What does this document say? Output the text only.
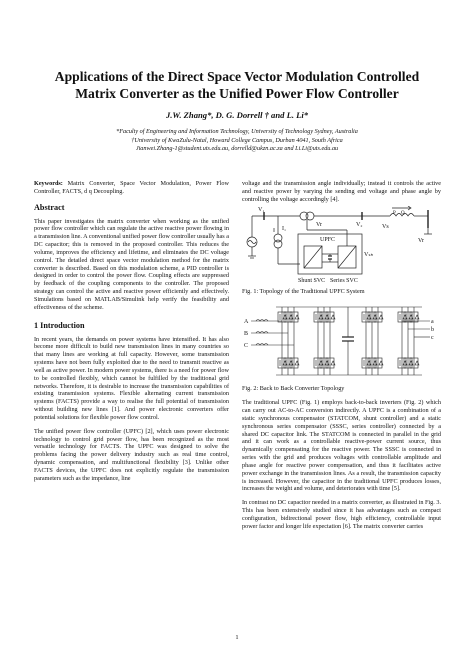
Applications of the Direct Space Vector Modulation Controlled
Matrix Converter as the Unified Power Flow Controller
J.W. Zhang*, D. G. Dorrell † and L. Li*
*Faculty of Engineering and Information Technology, University of Technology Sydney, Australia
†University of KwaZulu-Natal, Howard College Campus, Durban 4041, South Africa
Jianwei.Zhang-1@student.uts.edu.au, dorrelld@ukzn.ac.za and Li.Li@uts.edu.au

Keywords: Matrix Converter, Space Vector Modulation, Power Flow Controller, FACTS, d q Decoupling.

Abstract

This paper investigates the matrix converter when working as the unified power flow controller which can regulate the active reactive power flowing in a transmission line. A conventional unified power flow controller usually has a DC capacitor; this is removed in the proposed controller. This reduces the volume, improves the efficiency and lifetime, and eliminates the DC voltage control. The detailed direct space vector modulation method for the matrix converter is described. Based on this modulation scheme, a PID controller is designed in order to control the power flow. Coupling effects are suppressed by feedback of the coupling components to the controller. The proposed strategy can control the active and reactive power efficiently and effectively. Simulations based on MATLAB/Simulink help verify the feasibility and effectiveness of the scheme.

1 Introduction

In recent years, the demands on power systems have intensified. It has also become more difficult to build new transmission lines in many countries so that many lines are working at full capacity. However, some transmission systems have not been fully exploited due to the need to transmit reactive as well as active power. In modern power systems, there is a need for power flow to be controlled flexibly, which cannot be fulfilled by the traditional grid networks. Therefore, it is desirable to increase the transmission capabilities of existing transmission systems. Flexible alternating current transmission systems (FACTS) provide a way to realise the full potential of transmission without building new lines [1]. And power electronic converters offer potential solutions for flexible power flow control.

The unified power flow controller (UPFC) [2], which uses power electronic technology to control grid power flow, has been recognized as the most versatile technology for FACTS. The UPFC was designed to solve the problems facing the power delivery industry such as real time control, dynamic compensation, and multifunctional flexibility [3]. Unlike other FACTS devices, the UPFC does not explicitly regulate the transmission parameters such as the impedance, line

voltage and the transmission angle individually; instead it controls the active and reactive power by varying the sending end voltage and phase angle by controlling the voltage accordingly [4].

V₁
V₂
Vr
Vₛₕ
I₁
UPFC
P Q
Vs
Vr
Shunt SVC Series SVC
Fig. 1: Topology of the Traditional UPFC System
A
B
C
a
b
c
Fig. 2: Back to Back Converter Topology

The traditional UPFC (Fig. 1) employs back-to-back inverters (Fig. 2) which can carry out AC-to-AC conversion indirectly. A UPFC is a combination of a static synchronous compensator (STATCOM, shunt controller) and a static synchronous series compensator (SSSC, series controller) connected by a shared DC capacitor link. The STATCOM is connected in parallel in the grid and it can work as a controllable reactive-power current source, thus dynamically compensating for the reactive power. The SSSC is connected in series with the grid and produces voltages with controllable amplitude and phase angle for reactive power compensation, and thus it facilitates active power exchange in the transmission lines. As a result, the transmission capacity is increased. However, the capacitor in the traditional UPFC produces losses, increases the weight and volume, and deteriorates with time [5].

In contrast no DC capacitor needed in a matrix converter, as illustrated in Fig. 3. This has been extensively studied since it has advantages such as compact configuration, bidirectional power flow, high efficiency, controllable input power factor and longer life expectation [6]. The matrix converter carries

1
